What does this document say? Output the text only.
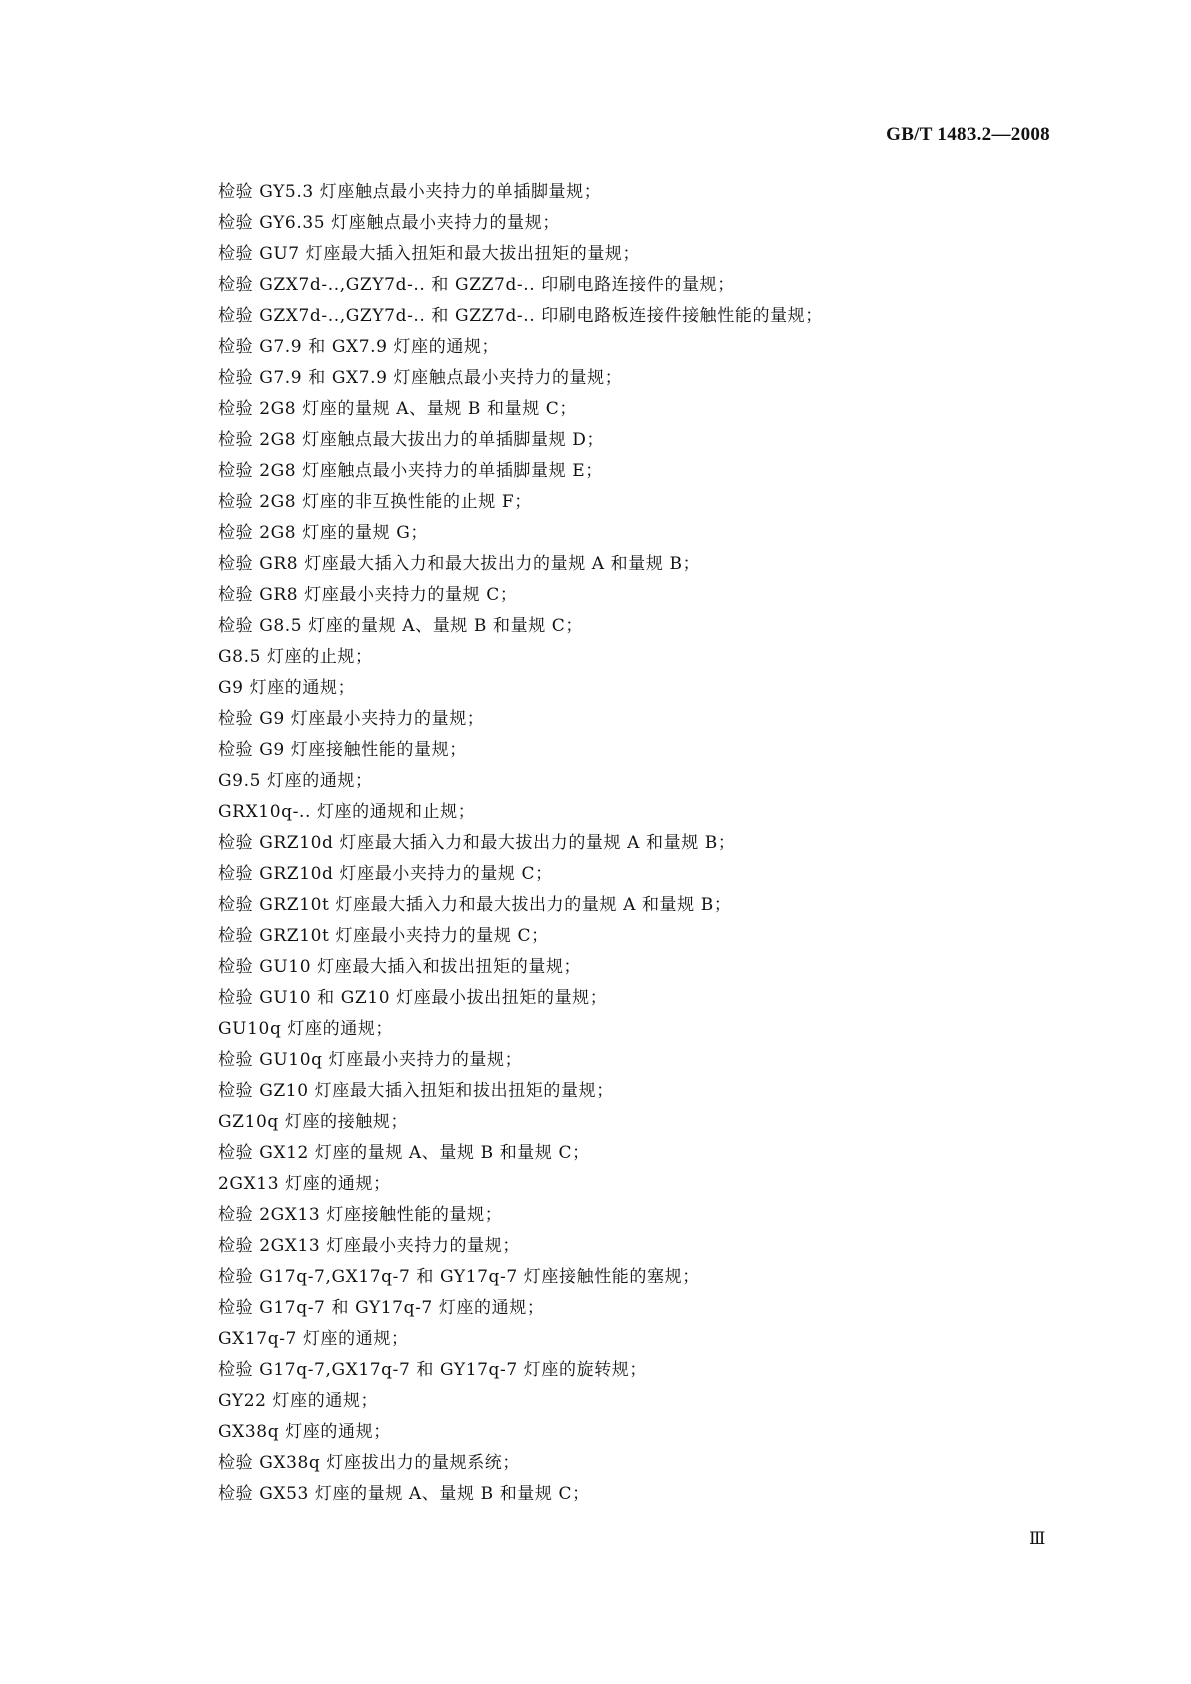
GB/T 1483.2—2008
检验 GY5.3 灯座触点最小夹持力的单插脚量规；
检验 GY6.35 灯座触点最小夹持力的量规；
检验 GU7 灯座最大插入扭矩和最大拔出扭矩的量规；
检验 GZX7d-..,GZY7d-.. 和 GZZ7d-.. 印刷电路连接件的量规；
检验 GZX7d-..,GZY7d-.. 和 GZZ7d-.. 印刷电路板连接件接触性能的量规；
检验 G7.9 和 GX7.9 灯座的通规；
检验 G7.9 和 GX7.9 灯座触点最小夹持力的量规；
检验 2G8 灯座的量规 A、量规 B 和量规 C；
检验 2G8 灯座触点最大拔出力的单插脚量规 D；
检验 2G8 灯座触点最小夹持力的单插脚量规 E；
检验 2G8 灯座的非互换性能的止规 F；
检验 2G8 灯座的量规 G；
检验 GR8 灯座最大插入力和最大拔出力的量规 A 和量规 B；
检验 GR8 灯座最小夹持力的量规 C；
检验 G8.5 灯座的量规 A、量规 B 和量规 C；
G8.5 灯座的止规；
G9 灯座的通规；
检验 G9 灯座最小夹持力的量规；
检验 G9 灯座接触性能的量规；
G9.5 灯座的通规；
GRX10q-.. 灯座的通规和止规；
检验 GRZ10d 灯座最大插入力和最大拔出力的量规 A 和量规 B；
检验 GRZ10d 灯座最小夹持力的量规 C；
检验 GRZ10t 灯座最大插入力和最大拔出力的量规 A 和量规 B；
检验 GRZ10t 灯座最小夹持力的量规 C；
检验 GU10 灯座最大插入和拔出扭矩的量规；
检验 GU10 和 GZ10 灯座最小拔出扭矩的量规；
GU10q 灯座的通规；
检验 GU10q 灯座最小夹持力的量规；
检验 GZ10 灯座最大插入扭矩和拔出扭矩的量规；
GZ10q 灯座的接触规；
检验 GX12 灯座的量规 A、量规 B 和量规 C；
2GX13 灯座的通规；
检验 2GX13 灯座接触性能的量规；
检验 2GX13 灯座最小夹持力的量规；
检验 G17q-7,GX17q-7 和 GY17q-7 灯座接触性能的塞规；
检验 G17q-7 和 GY17q-7 灯座的通规；
GX17q-7 灯座的通规；
检验 G17q-7,GX17q-7 和 GY17q-7 灯座的旋转规；
GY22 灯座的通规；
GX38q 灯座的通规；
检验 GX38q 灯座拔出力的量规系统；
检验 GX53 灯座的量规 A、量规 B 和量规 C；
Ⅲ
